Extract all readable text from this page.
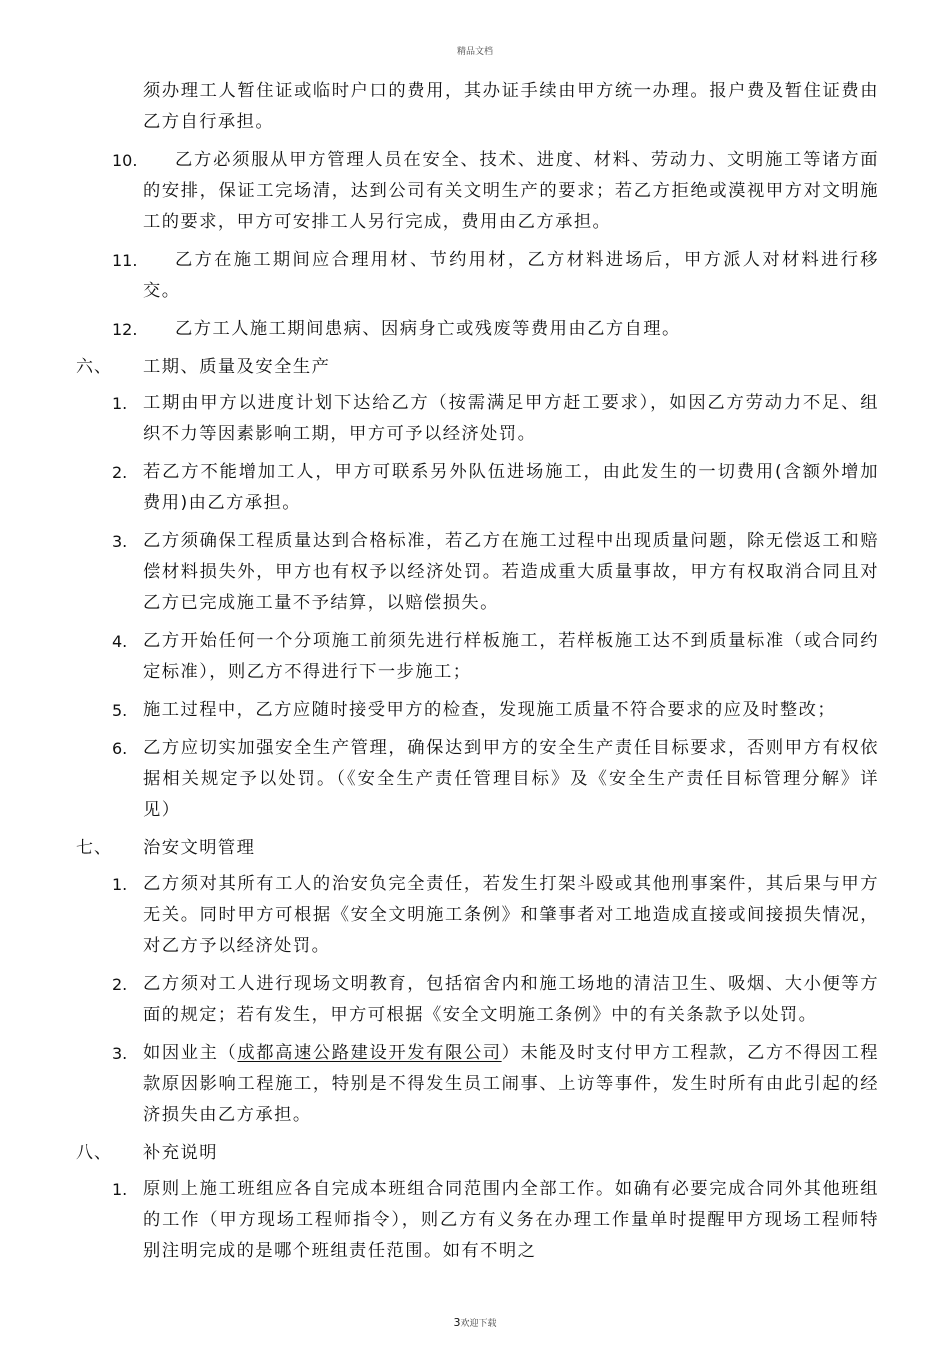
精品文档
须办理工人暂住证或临时户口的费用，其办证手续由甲方统一办理。报户费及暂住证费由乙方自行承担。
10.	乙方必须服从甲方管理人员在安全、技术、进度、材料、劳动力、文明施工等诸方面的安排，保证工完场清，达到公司有关文明生产的要求；若乙方拒绝或漠视甲方对文明施工的要求，甲方可安排工人另行完成，费用由乙方承担。
11.	乙方在施工期间应合理用材、节约用材，乙方材料进场后，甲方派人对材料进行移交。
12.	乙方工人施工期间患病、因病身亡或残废等费用由乙方自理。
六、 工期、质量及安全生产
1. 工期由甲方以进度计划下达给乙方（按需满足甲方赶工要求），如因乙方劳动力不足、组织不力等因素影响工期，甲方可予以经济处罚。
2. 若乙方不能增加工人，甲方可联系另外队伍进场施工，由此发生的一切费用(含额外增加费用)由乙方承担。
3. 乙方须确保工程质量达到合格标准，若乙方在施工过程中出现质量问题，除无偿返工和赔偿材料损失外，甲方也有权予以经济处罚。若造成重大质量事故，甲方有权取消合同且对乙方已完成施工量不予结算，以赔偿损失。
4. 乙方开始任何一个分项施工前须先进行样板施工，若样板施工达不到质量标准（或合同约定标准），则乙方不得进行下一步施工；
5. 施工过程中，乙方应随时接受甲方的检查，发现施工质量不符合要求的应及时整改；
6. 乙方应切实加强安全生产管理，确保达到甲方的安全生产责任目标要求，否则甲方有权依据相关规定予以处罚。（《安全生产责任管理目标》及《安全生产责任目标管理分解》详见）
七、 治安文明管理
1. 乙方须对其所有工人的治安负完全责任，若发生打架斗殴或其他刑事案件，其后果与甲方无关。同时甲方可根据《安全文明施工条例》和肇事者对工地造成直接或间接损失情况，对乙方予以经济处罚。
2. 乙方须对工人进行现场文明教育，包括宿舍内和施工场地的清洁卫生、吸烟、大小便等方面的规定；若有发生，甲方可根据《安全文明施工条例》中的有关条款予以处罚。
3. 如因业主（成都高速公路建设开发有限公司）未能及时支付甲方工程款，乙方不得因工程款原因影响工程施工，特别是不得发生员工闹事、上访等事件，发生时所有由此引起的经济损失由乙方承担。
八、 补充说明
1. 原则上施工班组应各自完成本班组合同范围内全部工作。如确有必要完成合同外其他班组的工作（甲方现场工程师指令），则乙方有义务在办理工作量单时提醒甲方现场工程师特别注明完成的是哪个班组责任范围。如有不明之
3欢迎下载
